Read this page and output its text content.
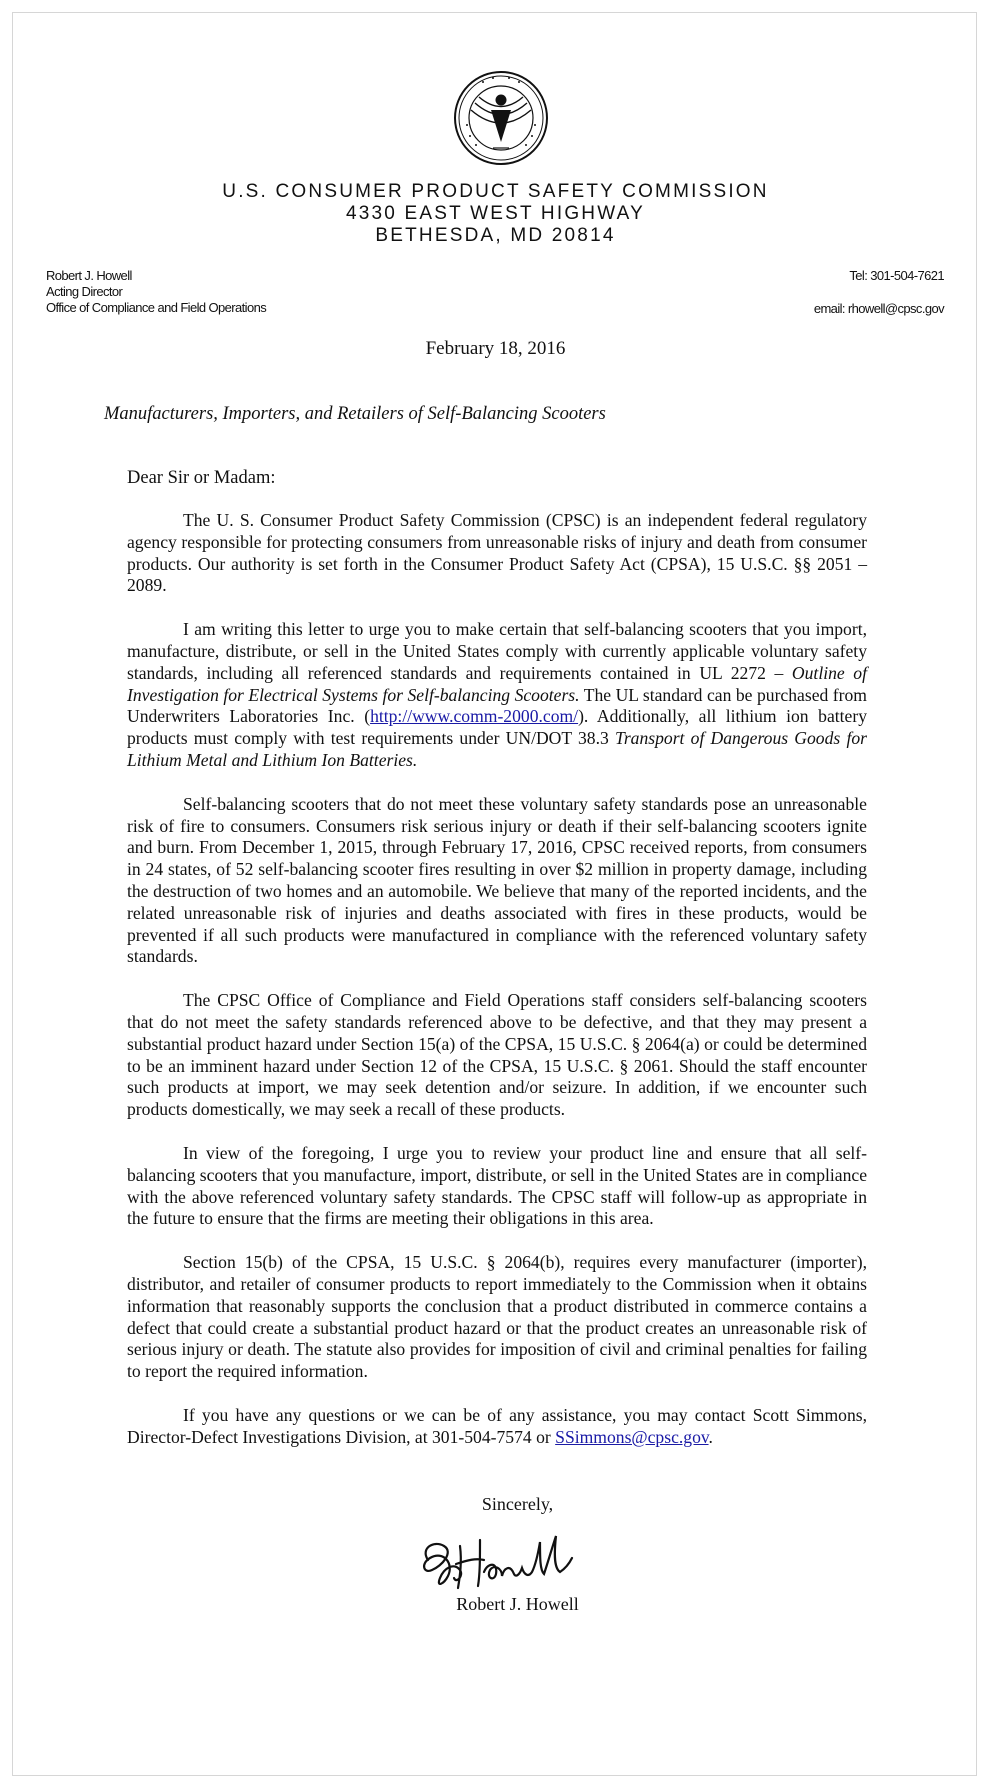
U.S. CONSUMER PRODUCT SAFETY COMMISSION
4330 EAST WEST HIGHWAY
BETHESDA, MD 20814
Robert J. Howell
Acting Director
Office of Compliance and Field Operations
Tel: 301-504-7621
email: rhowell@cpsc.gov
February 18, 2016
Manufacturers, Importers, and Retailers of Self-Balancing Scooters
Dear Sir or Madam:

The U. S. Consumer Product Safety Commission (CPSC) is an independent federal regulatory agency responsible for protecting consumers from unreasonable risks of injury and death from consumer products. Our authority is set forth in the Consumer Product Safety Act (CPSA), 15 U.S.C. §§ 2051 – 2089.

I am writing this letter to urge you to make certain that self-balancing scooters that you import, manufacture, distribute, or sell in the United States comply with currently applicable voluntary safety standards, including all referenced standards and requirements contained in UL 2272 – Outline of Investigation for Electrical Systems for Self-balancing Scooters. The UL standard can be purchased from Underwriters Laboratories Inc. (http://www.comm-2000.com/). Additionally, all lithium ion battery products must comply with test requirements under UN/DOT 38.3 Transport of Dangerous Goods for Lithium Metal and Lithium Ion Batteries.

Self-balancing scooters that do not meet these voluntary safety standards pose an unreasonable risk of fire to consumers. Consumers risk serious injury or death if their self-balancing scooters ignite and burn. From December 1, 2015, through February 17, 2016, CPSC received reports, from consumers in 24 states, of 52 self-balancing scooter fires resulting in over $2 million in property damage, including the destruction of two homes and an automobile. We believe that many of the reported incidents, and the related unreasonable risk of injuries and deaths associated with fires in these products, would be prevented if all such products were manufactured in compliance with the referenced voluntary safety standards.

The CPSC Office of Compliance and Field Operations staff considers self-balancing scooters that do not meet the safety standards referenced above to be defective, and that they may present a substantial product hazard under Section 15(a) of the CPSA, 15 U.S.C. § 2064(a) or could be determined to be an imminent hazard under Section 12 of the CPSA, 15 U.S.C. § 2061. Should the staff encounter such products at import, we may seek detention and/or seizure. In addition, if we encounter such products domestically, we may seek a recall of these products.

In view of the foregoing, I urge you to review your product line and ensure that all self-balancing scooters that you manufacture, import, distribute, or sell in the United States are in compliance with the above referenced voluntary safety standards. The CPSC staff will follow-up as appropriate in the future to ensure that the firms are meeting their obligations in this area.

Section 15(b) of the CPSA, 15 U.S.C. § 2064(b), requires every manufacturer (importer), distributor, and retailer of consumer products to report immediately to the Commission when it obtains information that reasonably supports the conclusion that a product distributed in commerce contains a defect that could create a substantial product hazard or that the product creates an unreasonable risk of serious injury or death. The statute also provides for imposition of civil and criminal penalties for failing to report the required information.

If you have any questions or we can be of any assistance, you may contact Scott Simmons, Director-Defect Investigations Division, at 301-504-7574 or SSimmons@cpsc.gov.

Sincerely,
Robert J. Howell
